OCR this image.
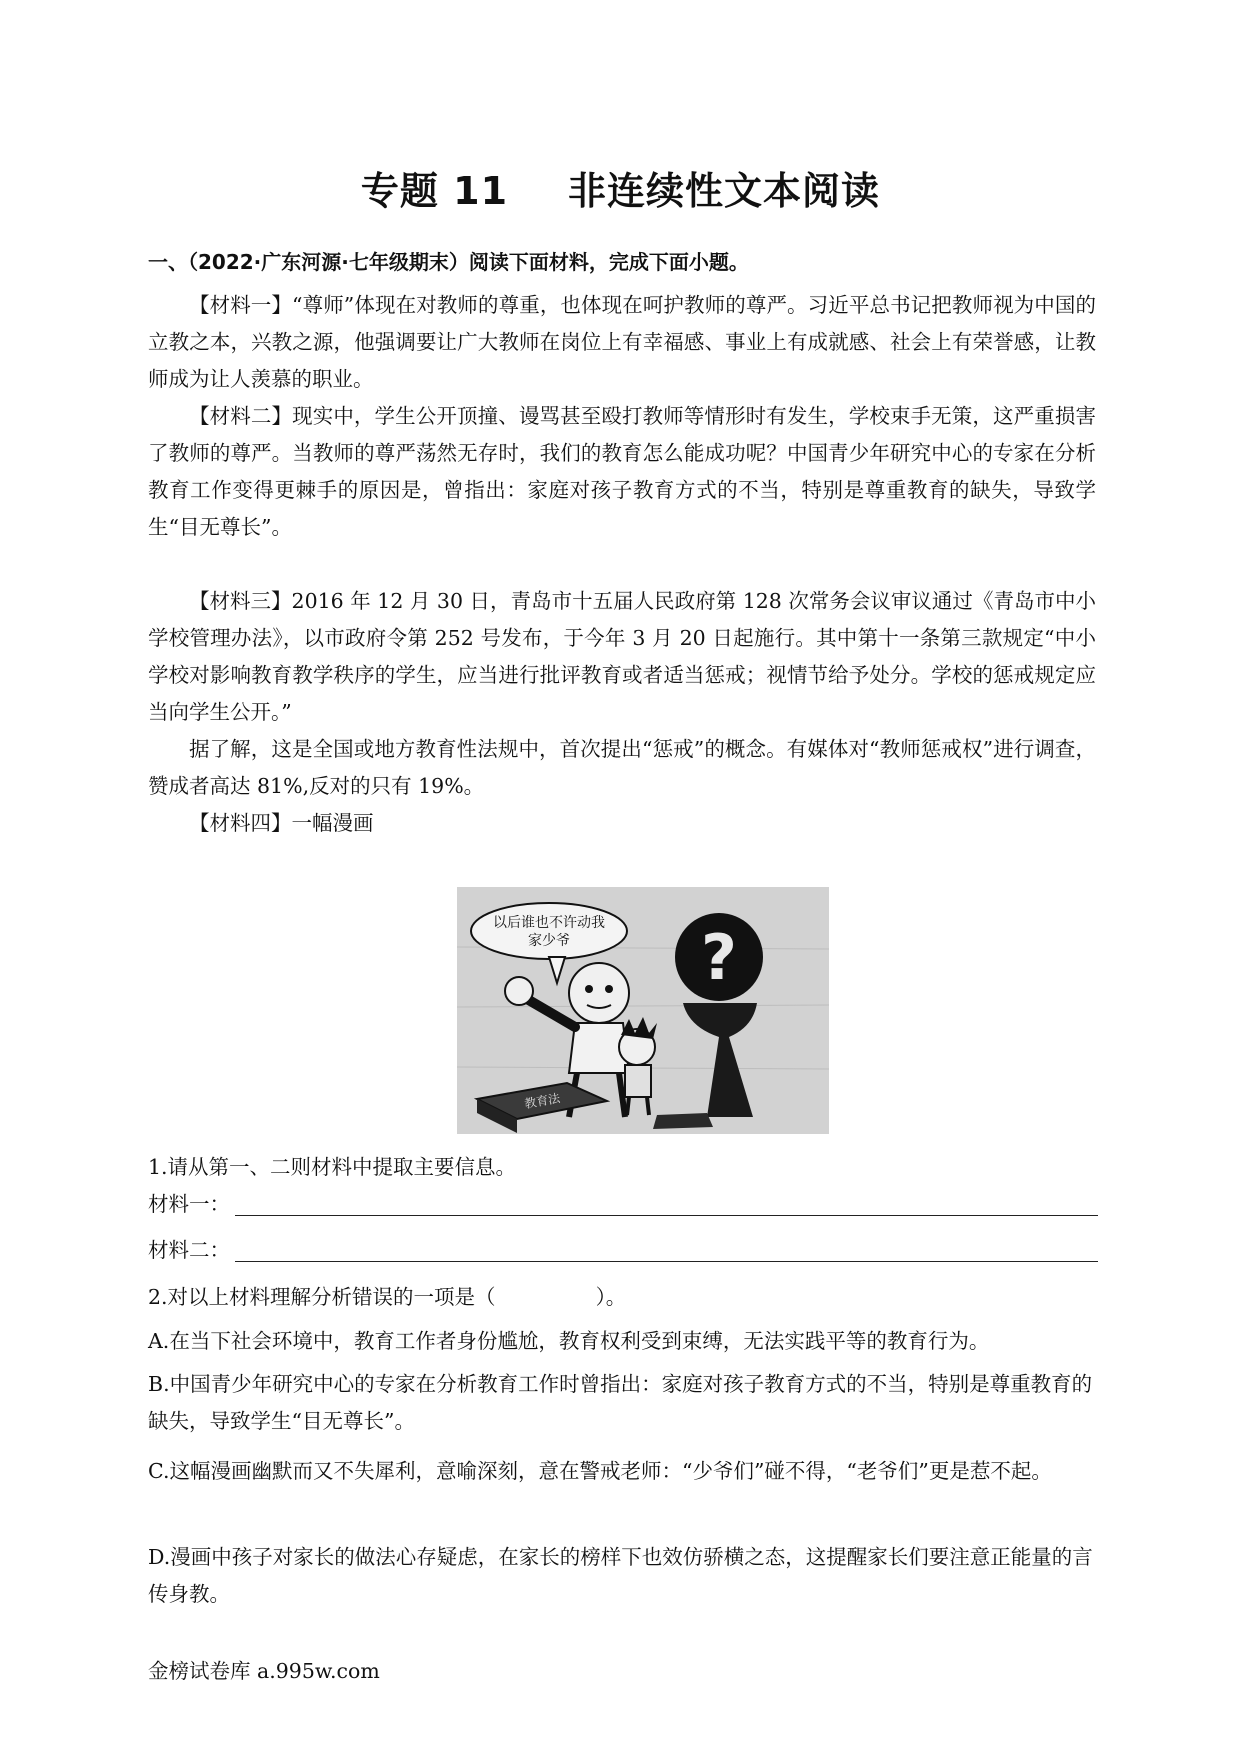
专题 11 非连续性文本阅读
一、（2022·广东河源·七年级期末）阅读下面材料，完成下面小题。
【材料一】“尊师”体现在对教师的尊重，也体现在呵护教师的尊严。习近平总书记把教师视为中国的立教之本，兴教之源，他强调要让广大教师在岗位上有幸福感、事业上有成就感、社会上有荣誉感，让教师成为让人羡慕的职业。
【材料二】现实中，学生公开顶撞、谩骂甚至殴打教师等情形时有发生，学校束手无策，这严重损害了教师的尊严。当教师的尊严荡然无存时，我们的教育怎么能成功呢？中国青少年研究中心的专家在分析教育工作变得更棘手的原因是，曾指出：家庭对孩子教育方式的不当，特别是尊重教育的缺失，导致学生“目无尊长”。
【材料三】2016 年 12 月 30 日，青岛市十五届人民政府第 128 次常务会议审议通过《青岛市中小学校管理办法》，以市政府令第 252 号发布，于今年 3 月 20 日起施行。其中第十一条第三款规定“中小学校对影响教育教学秩序的学生，应当进行批评教育或者适当惩戒；视情节给予处分。学校的惩戒规定应当向学生公开。”
据了解，这是全国或地方教育性法规中，首次提出“惩戒”的概念。有媒体对“教师惩戒权”进行调查，赞成者高达 81%,反对的只有 19%。
【材料四】一幅漫画
以后谁也不许动我
家少爷 ?
教育法
1.请从第一、二则材料中提取主要信息。
材料一：
材料二：
2.对以上材料理解分析错误的一项是（	）。
A.在当下社会环境中，教育工作者身份尴尬，教育权利受到束缚，无法实践平等的教育行为。
B.中国青少年研究中心的专家在分析教育工作时曾指出：家庭对孩子教育方式的不当，特别是尊重教育的缺失，导致学生“目无尊长”。
C.这幅漫画幽默而又不失犀利，意喻深刻，意在警戒老师：“少爷们”碰不得，“老爷们”更是惹不起。
D.漫画中孩子对家长的做法心存疑虑，在家长的榜样下也效仿骄横之态，这提醒家长们要注意正能量的言传身教。
金榜试卷库 a.995w.com
